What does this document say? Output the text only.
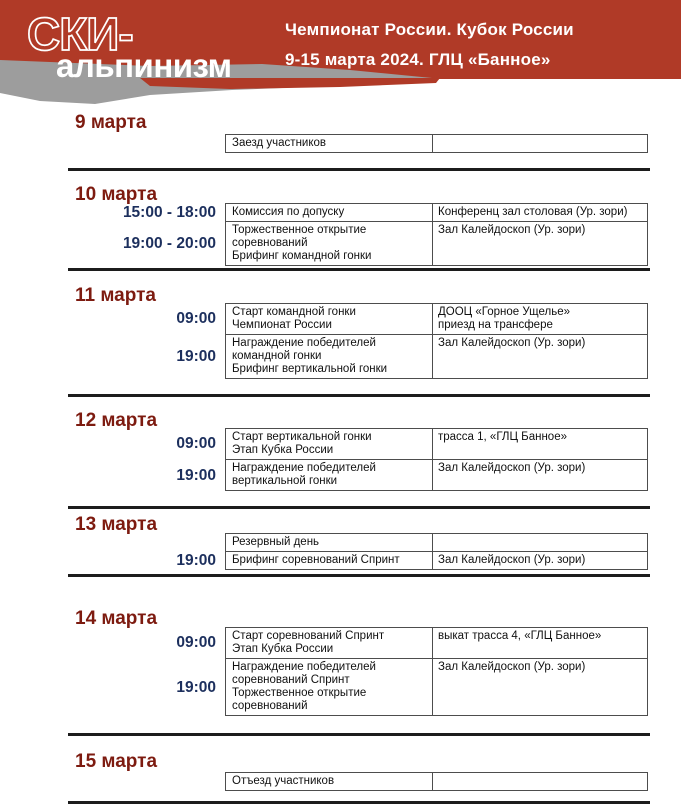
СКИ-
альпинизм
Чемпионат России. Кубок России
9-15 марта 2024. ГЛЦ «Банное»
9 марта
Заезд участников
10 марта
15:00 - 18:00 Комиссия по допуску	Конференц зал столовая (Ур. зори)
19:00 - 20:00
Торжественное открытие соревнований
Брифинг командной гонки
Зал Калейдоскоп (Ур. зори)
11 марта
09:00 Старт командной гонки
Чемпионат России
ДООЦ «Горное Ущелье»
приезд на трансфере
19:00
Награждение победителей командной гонки
Брифинг вертикальной гонки
Зал Калейдоскоп (Ур. зори)
12 марта
09:00 Старт вертикальной гонки
Этап Кубка России
трасса 1, «ГЛЦ Банное»
19:00 Награждение победителей вертикальной гонки
Зал Калейдоскоп (Ур. зори)
13 марта
Резервный день
19:00 Брифинг соревнований Спринт	Зал Калейдоскоп (Ур. зори)
14 марта
09:00 Старт соревнований Спринт
Этап Кубка России
выкат трасса 4, «ГЛЦ Банное»
19:00
Награждение победителей соревнований Спринт
Торжественное открытие соревнований
Зал Калейдоскоп (Ур. зори)
15 марта
Отъезд участников
